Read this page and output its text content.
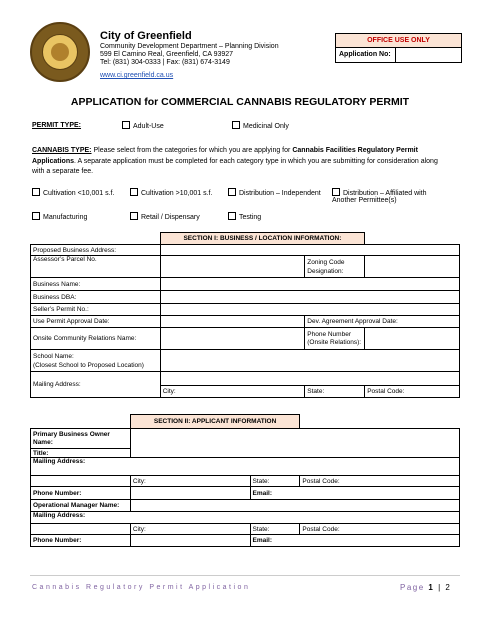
City of Greenfield
Community Development Department – Planning Division
599 El Camino Real, Greenfield, CA 93927
Tel: (831) 304-0333 | Fax: (831) 674-3149
www.ci.greenfield.ca.us
OFFICE USE ONLY
Application No:
APPLICATION for COMMERCIAL CANNABIS REGULATORY PERMIT
PERMIT TYPE:	Adult-Use	Medicinal Only
CANNABIS TYPE: Please select from the categories for which you are applying for Cannabis Facilities Regulatory Permit Applications. A separate application must be completed for each category type in which you are submitting for consideration along with a separate fee.
Cultivation <10,001 s.f.	Cultivation >10,001 s.f.	Distribution – Independent	Distribution – Affiliated with
Another Permittee(s)
Manufacturing	Retail / Dispensary	Testing
	SECTION I: BUSINESS / LOCATION INFORMATION:		
Proposed Business Address:			
Assessor’s Parcel No.		Zoning Code Designation:	
Business Name:			
Business DBA:			
Seller’s Permit No.:			
Use Permit Approval Date:		Dev. Agreement Approval Date:	
Onsite Community Relations Name:		Phone Number (Onsite Relations):	

School Name:
(Closest School to Proposed Location)			

Mailing Address:			
	City:	State:	Postal Code:
	SECTION II: APPLICANT INFORMATION		
Primary Business Owner Name:			
Title:			
Mailing Address:			
	City:	State:	Postal Code:
Phone Number:		Email:	
Operational Manager Name:			
Mailing Address:			
	City:	State:	Postal Code:
Phone Number:		Email:	
Cannabis Regulatory Permit Application	Page 1 | 2
